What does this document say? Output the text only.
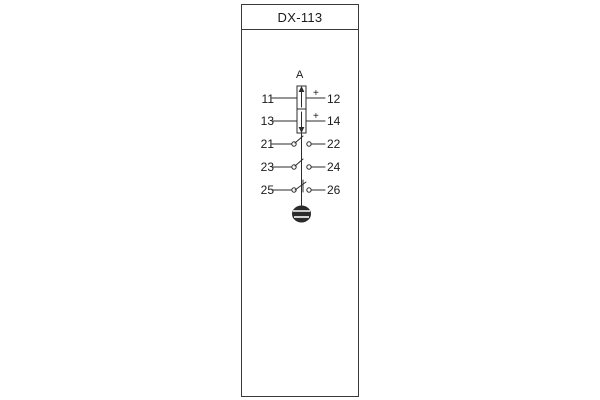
DX-113
A
11
13
21
23
25
12
14
22
24
26
+
+
